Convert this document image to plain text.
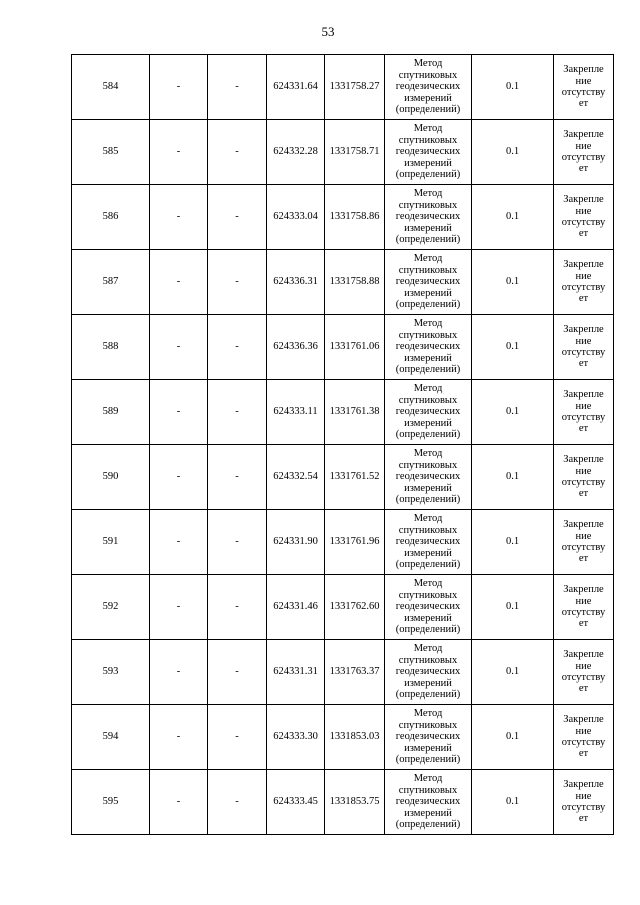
53
584	-	-	624331.64	1331758.27	Метод
спутниковых
геодезических
измерений
(определений)	0.1	Закрепле
ние
отсутству
ет

585	-	-	624332.28	1331758.71	Метод
спутниковых
геодезических
измерений
(определений)	0.1	Закрепле
ние
отсутству
ет

586	-	-	624333.04	1331758.86	Метод
спутниковых
геодезических
измерений
(определений)	0.1	Закрепле
ние
отсутству
ет

587	-	-	624336.31	1331758.88	Метод
спутниковых
геодезических
измерений
(определений)	0.1	Закрепле
ние
отсутству
ет

588	-	-	624336.36	1331761.06	Метод
спутниковых
геодезических
измерений
(определений)	0.1	Закрепле
ние
отсутству
ет

589	-	-	624333.11	1331761.38	Метод
спутниковых
геодезических
измерений
(определений)	0.1	Закрепле
ние
отсутству
ет

590	-	-	624332.54	1331761.52	Метод
спутниковых
геодезических
измерений
(определений)	0.1	Закрепле
ние
отсутству
ет

591	-	-	624331.90	1331761.96	Метод
спутниковых
геодезических
измерений
(определений)	0.1	Закрепле
ние
отсутству
ет

592	-	-	624331.46	1331762.60	Метод
спутниковых
геодезических
измерений
(определений)	0.1	Закрепле
ние
отсутству
ет

593	-	-	624331.31	1331763.37	Метод
спутниковых
геодезических
измерений
(определений)	0.1	Закрепле
ние
отсутству
ет

594	-	-	624333.30	1331853.03	Метод
спутниковых
геодезических
измерений
(определений)	0.1	Закрепле
ние
отсутству
ет

595	-	-	624333.45	1331853.75	Метод
спутниковых
геодезических
измерений
(определений)	0.1	Закрепле
ние
отсутству
ет
